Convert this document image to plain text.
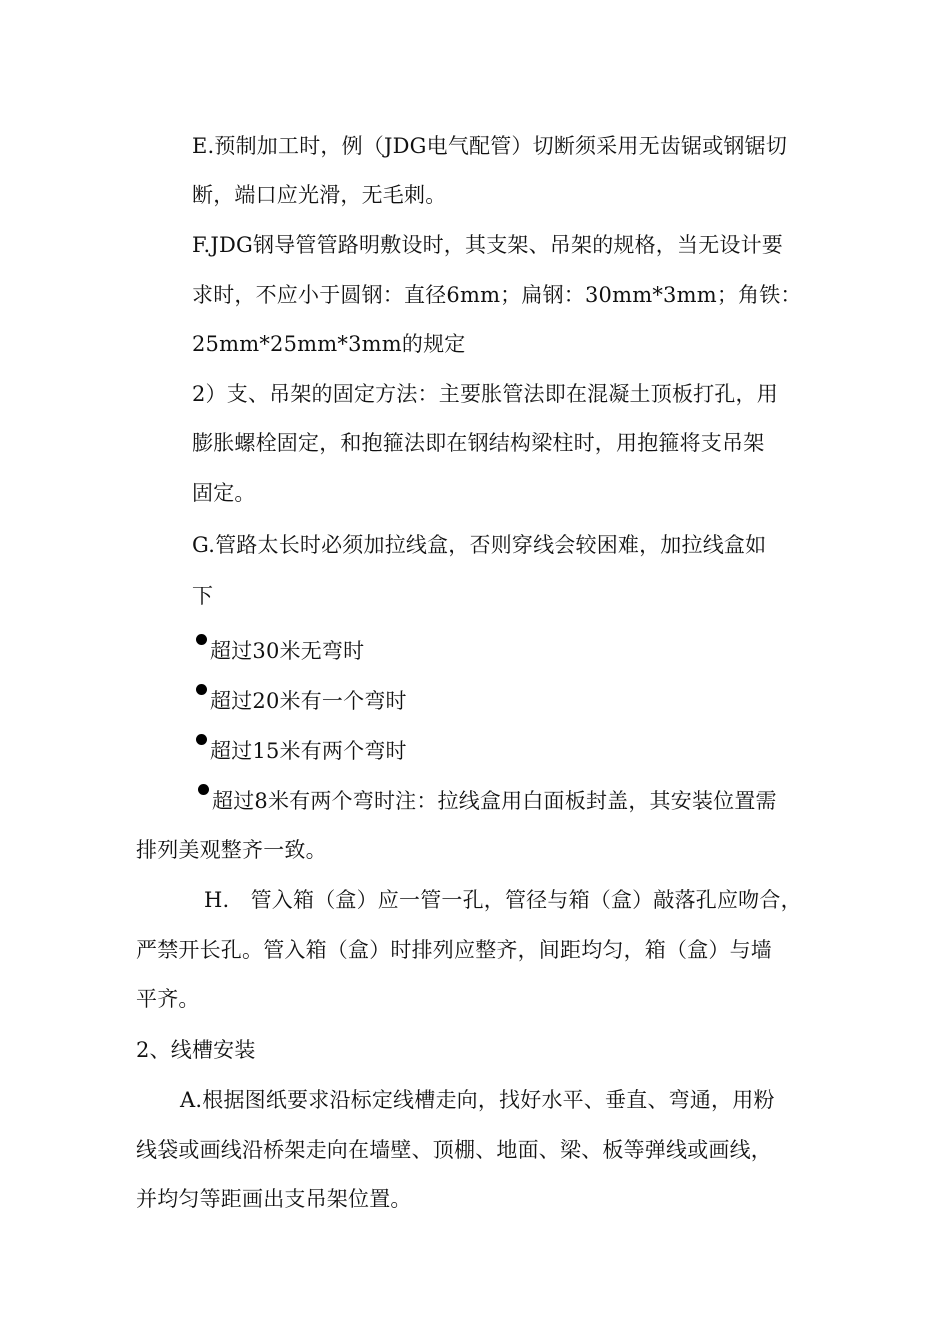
E.预制加工时，例（JDG电气配管）切断须采用无齿锯或钢锯切
断，端口应光滑，无毛刺。
F.JDG钢导管管路明敷设时，其支架、吊架的规格，当无设计要
求时，不应小于圆钢：直径6mm；扁钢：30mm*3mm；角铁：
25mm*25mm*3mm的规定
2）支、吊架的固定方法：主要胀管法即在混凝土顶板打孔，用
膨胀螺栓固定，和抱箍法即在钢结构梁柱时，用抱箍将支吊架
固定。
G.管路太长时必须加拉线盒，否则穿线会较困难，加拉线盒如
下
超过30米无弯时
超过20米有一个弯时
超过15米有两个弯时
超过8米有两个弯时注：拉线盒用白面板封盖，其安装位置需
排列美观整齐一致。
H.　管入箱（盒）应一管一孔，管径与箱（盒）敲落孔应吻合，
严禁开长孔。管入箱（盒）时排列应整齐，间距均匀，箱（盒）与墙
平齐。
2、线槽安装
A.根据图纸要求沿标定线槽走向，找好水平、垂直、弯通，用粉
线袋或画线沿桥架走向在墙壁、顶棚、地面、梁、板等弹线或画线，
并均匀等距画出支吊架位置。
